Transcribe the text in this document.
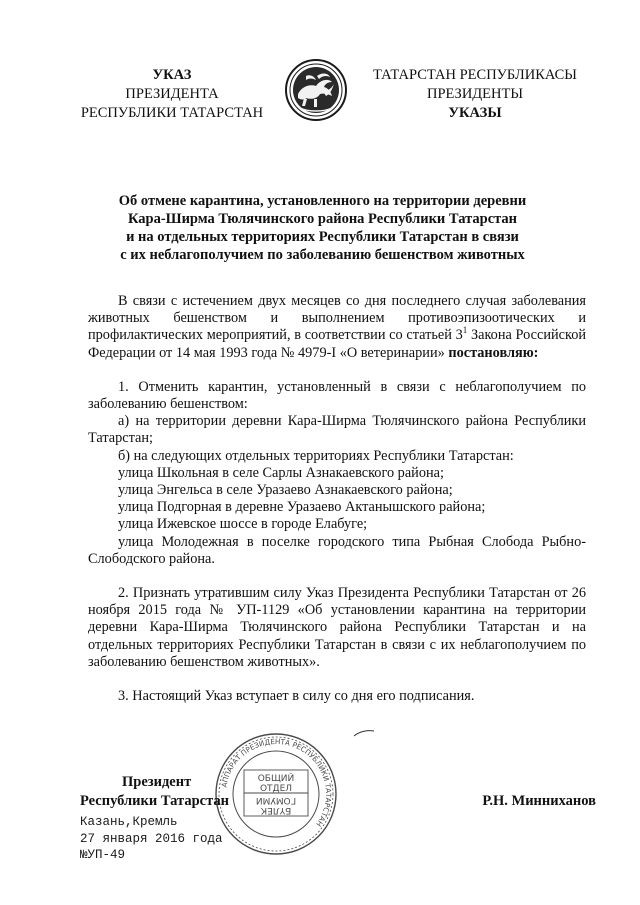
УКАЗ
ПРЕЗИДЕНТА
РЕСПУБЛИКИ ТАТАРСТАН
ТАТАРСТАН РЕСПУБЛИКАСЫ
ПРЕЗИДЕНТЫ
УКАЗЫ
Об отмене карантина, установленного на территории деревни
Кара-Ширма Тюлячинского района Республики Татарстан
и на отдельных территориях Республики Татарстан в связи
с их неблагополучием по заболеванию бешенством животных

В связи с истечением двух месяцев со дня последнего случая заболевания животных бешенством и выполнением противоэпизоотических и профилактических мероприятий, в соответствии со статьей $3^1$ Закона Российской Федерации от 14 мая 1993 года № 4979-I «О ветеринарии» постановляю:

1. Отменить карантин, установленный в связи с неблагополучием по заболеванию бешенством:

а) на территории деревни Кара-Ширма Тюлячинского района Республики Татарстан;

б) на следующих отдельных территориях Республики Татарстан:

улица Школьная в селе Сарлы Азнакаевского района;

улица Энгельса в селе Уразаево Азнакаевского района;

улица Подгорная в деревне Уразаево Актанышского района;

улица Ижевское шоссе в городе Елабуге;

улица Молодежная в поселке городского типа Рыбная Слобода Рыбно-Слободского района.

2. Признать утратившим силу Указ Президента Республики Татарстан от 26 ноября 2015 года № УП-1129 «Об установлении карантина на территории деревни Кара-Ширма Тюлячинского района Республики Татарстан и на отдельных территориях Республики Татарстан в связи с их неблагополучием по заболеванию бешенством животных».

3. Настоящий Указ вступает в силу со дня его подписания.

АППАРАТ ПРЕЗИДЕНТА РЕСПУБЛИКИ ТАТАРСТАН
ОБЩИЙ
ОТДЕЛ
БҮЛЕК
ГОМУМИ
Президент
Республики Татарстан	Р.Н. Минниханов
Казань,Кремль
27 января 2016 года
№УП-49
